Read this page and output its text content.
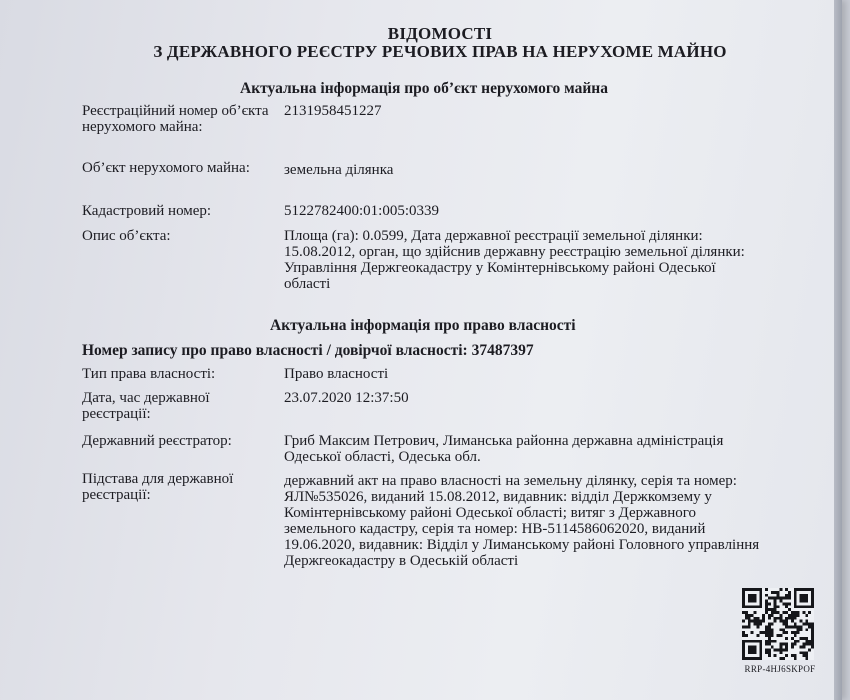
ВІДОМОСТІ
З ДЕРЖАВНОГО РЕЄСТРУ РЕЧОВИХ ПРАВ НА НЕРУХОМЕ МАЙНО
Актуальна інформація про об’єкт нерухомого майна
Реєстраційний номер об’єкта нерухомого майна:
2131958451227
Об’єкт нерухомого майна:	земельна ділянка
Кадастровий номер:	5122782400:01:005:0339
Опис об’єкта:	Площа (га): 0.0599, Дата державної реєстрації земельної ділянки: 15.08.2012, орган, що здійснив державну реєстрацію земельної ділянки: Управління Держгеокадастру у Комінтернівському районі Одеської області
Актуальна інформація про право власності
Номер запису про право власності / довірчої власності: 37487397
Тип права власності:	Право власності
Дата, час державної реєстрації:
23.07.2020 12:37:50
Державний реєстратор:	Гриб Максим Петрович, Лиманська районна державна адміністрація Одеської області, Одеська обл.
Підстава для державної реєстрації:
державний акт на право власності на земельну ділянку, серія та номер: ЯЛ№535026, виданий 15.08.2012, видавник: відділ Держкомзему у Комінтернівському районі Одеської області; витяг з Державного земельного кадастру, серія та номер: НВ-5114586062020, виданий 19.06.2020, видавник: Відділ у Лиманському районі Головного управління Держгеокадастру в Одеській області
RRP-4HJ6SKPOF
